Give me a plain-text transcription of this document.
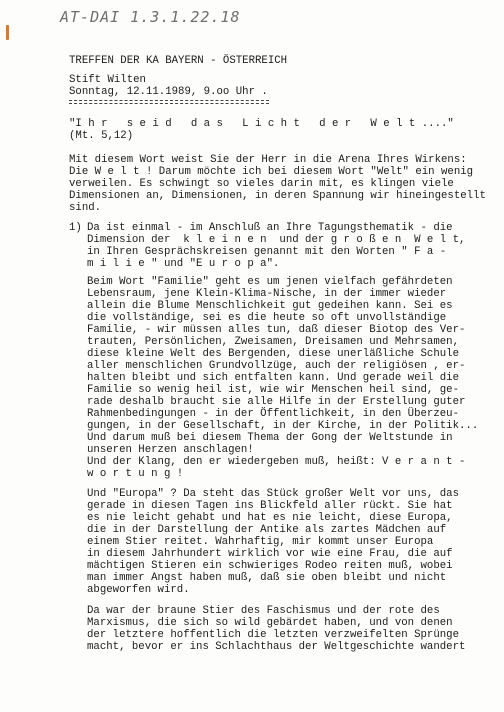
AT-DAI 1.3.1.22.18
TREFFEN DER KA BAYERN - ÖSTERREICH
Stift Wilten
Sonntag, 12.11.1989, 9.oo Uhr .
"I h r   s e i d   d a s   L i c h t   d e r   W e l t ...."
(Mt. 5,12)
Mit diesem Wort weist Sie der Herr in die Arena Ihres Wirkens:
Die W e l t ! Darum möchte ich bei diesem Wort "Welt" ein wenig
verweilen. Es schwingt so vieles darin mit, es klingen viele
Dimensionen an, Dimensionen, in deren Spannung wir hineingestellt
sind.
1) Da ist einmal - im Anschluß an Ihre Tagungsthematik - die
Dimension der  k l e i n e n  und der g r o ß e n  W e l t,
in Ihren Gesprächskreisen genannt mit den Worten " F a -
m i l i e " und "E u r o p a".
Beim Wort "Familie" geht es um jenen vielfach gefährdeten
Lebensraum, jene Klein-Klima-Nische, in der immer wieder
allein die Blume Menschlichkeit gut gedeihen kann. Sei es
die vollständige, sei es die heute so oft unvollständige
Familie, - wir müssen alles tun, daß dieser Biotop des Ver-
trauten, Persönlichen, Zweisamen, Dreisamen und Mehrsamen,
diese kleine Welt des Bergenden, diese unerläßliche Schule
aller menschlichen Grundvollzüge, auch der religiösen , er-
halten bleibt und sich entfalten kann. Und gerade weil die
Familie so wenig heil ist, wie wir Menschen heil sind, ge-
rade deshalb braucht sie alle Hilfe in der Erstellung guter
Rahmenbedingungen - in der Öffentlichkeit, in den Überzeu-
gungen, in der Gesellschaft, in der Kirche, in der Politik...
Und darum muß bei diesem Thema der Gong der Weltstunde in
unseren Herzen anschlagen!
Und der Klang, den er wiedergeben muß, heißt: V e r a n t -
w o r t u n g !
Und "Europa" ? Da steht das Stück großer Welt vor uns, das
gerade in diesen Tagen ins Blickfeld aller rückt. Sie hat
es nie leicht gehabt und hat es nie leicht, diese Europa,
die in der Darstellung der Antike als zartes Mädchen auf
einem Stier reitet. Wahrhaftig, mir kommt unser Europa
in diesem Jahrhundert wirklich vor wie eine Frau, die auf
mächtigen Stieren ein schwieriges Rodeo reiten muß, wobei
man immer Angst haben muß, daß sie oben bleibt und nicht
abgeworfen wird.
Da war der braune Stier des Faschismus und der rote des
Marxismus, die sich so wild gebärdet haben, und von denen
der letztere hoffentlich die letzten verzweifelten Sprünge
macht, bevor er ins Schlachthaus der Weltgeschichte wandert
